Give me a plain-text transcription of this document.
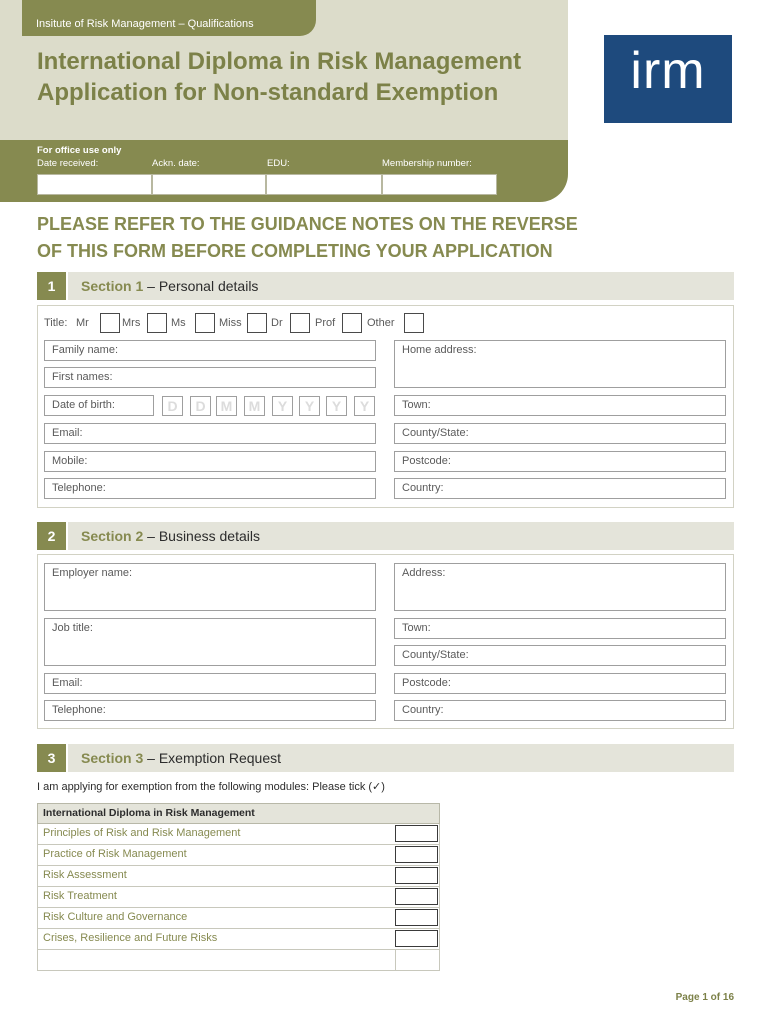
Insitute of Risk Management – Qualifications
International Diploma in Risk Management
Application for Non-standard Exemption	irm
For office use only
Date received:	Ackn. date:	EDU:	Membership number:
PLEASE REFER TO THE GUIDANCE NOTES ON THE REVERSE
OF THIS FORM BEFORE COMPLETING YOUR APPLICATION
1	Section 1 – Personal details
Title: Mr	Mrs	Ms	Miss	Dr	Prof	Other
Family name:
First names:
Date of birth:	D	D	M	M	Y	Y	Y	Y
Email:
Mobile:
Telephone:
Home address:
Town:
County/State:
Postcode:
Country:
2	Section 2 – Business details
Employer name:
Job title:
Email:
Telephone:
Address:
Town:
County/State:
Postcode:
Country:
3	Section 3 – Exemption Request
I am applying for exemption from the following modules: Please tick (✓)
International Diploma in Risk Management
Principles of Risk and Risk Management
Practice of Risk Management
Risk Assessment
Risk Treatment
Risk Culture and Governance
Crises, Resilience and Future Risks
Page 1 of 16
